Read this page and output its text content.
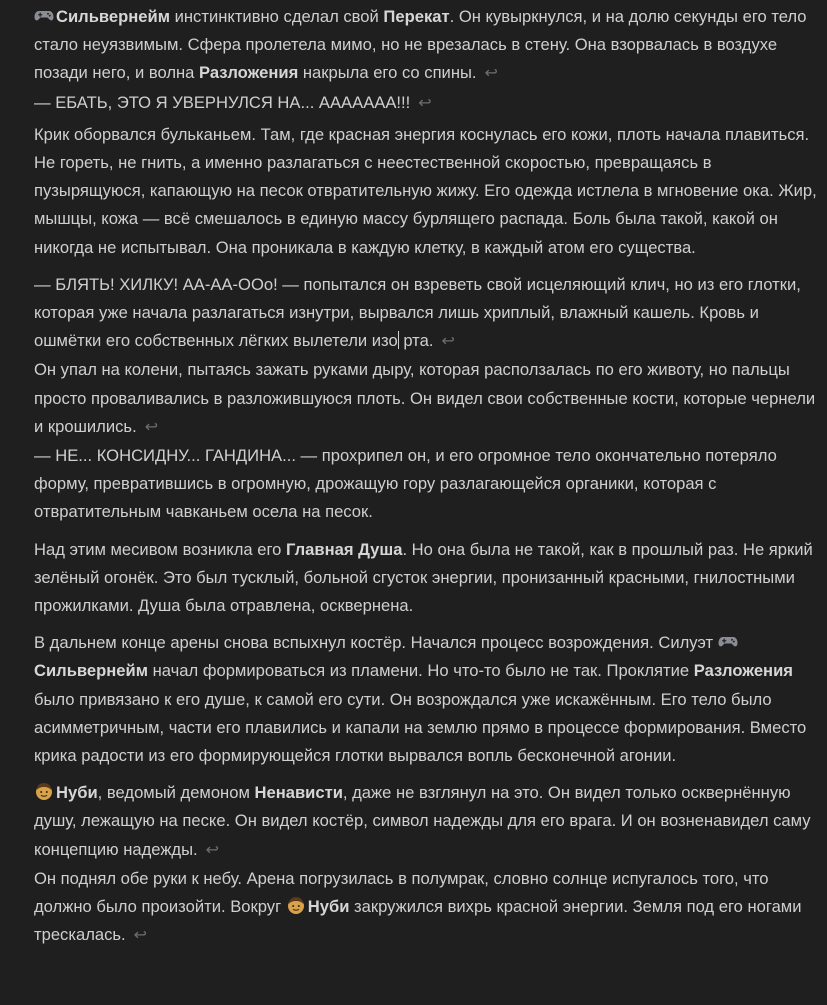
Сильвернейм инстинктивно сделал свой Перекат. Он кувыркнулся, и на долю секунды его тело стало неуязвимым. Сфера пролетела мимо, но не врезалась в стену. Она взорвалась в воздухе позади него, и волна Разложения накрыла его со спины. ↩

— ЕБАТЬ, ЭТО Я УВЕРНУЛСЯ НА... ААААААА!!! ↩

Крик оборвался бульканьем. Там, где красная энергия коснулась его кожи, плоть начала плавиться. Не гореть, не гнить, а именно разлагаться с неестественной скоростью, превращаясь в пузырящуюся, капающую на песок отвратительную жижу. Его одежда истлела в мгновение ока. Жир, мышцы, кожа — всё смешалось в единую массу бурлящего распада. Боль была такой, какой он никогда не испытывал. Она проникала в каждую клетку, в каждый атом его существа.

— БЛЯТЬ! ХИЛКУ! АА-АА-ООо! — попытался он взреветь свой исцеляющий клич, но из его глотки, которая уже начала разлагаться изнутри, вырвался лишь хриплый, влажный кашель. Кровь и ошмётки его собственных лёгких вылетели изо рта. ↩

Он упал на колени, пытаясь зажать руками дыру, которая расползалась по его животу, но пальцы просто проваливались в разложившуюся плоть. Он видел свои собственные кости, которые чернели и крошились. ↩

— НЕ... КОНСИДНУ... ГАНДИНА... — прохрипел он, и его огромное тело окончательно потеряло форму, превратившись в огромную, дрожащую гору разлагающейся органики, которая с отвратительным чавканьем осела на песок.

Над этим месивом возникла его Главная Душа. Но она была не такой, как в прошлый раз. Не яркий зелёный огонёк. Это был тусклый, больной сгусток энергии, пронизанный красными, гнилостными прожилками. Душа была отравлена, осквернена.

В дальнем конце арены снова вспыхнул костёр. Начался процесс возрождения. Силуэт Сильвернейм начал формироваться из пламени. Но что-то было не так. Проклятие Разложения было привязано к его душе, к самой его сути. Он возрождался уже искажённым. Его тело было асимметричным, части его плавились и капали на землю прямо в процессе формирования. Вместо крика радости из его формирующейся глотки вырвался вопль бесконечной агонии.

Нуби, ведомый демоном Ненависти, даже не взглянул на это. Он видел только осквернённую душу, лежащую на песке. Он видел костёр, символ надежды для его врага. И он возненавидел саму концепцию надежды. ↩

Он поднял обе руки к небу. Арена погрузилась в полумрак, словно солнце испугалось того, что должно было произойти. Вокруг Нуби закружился вихрь красной энергии. Земля под его ногами трескалась. ↩
